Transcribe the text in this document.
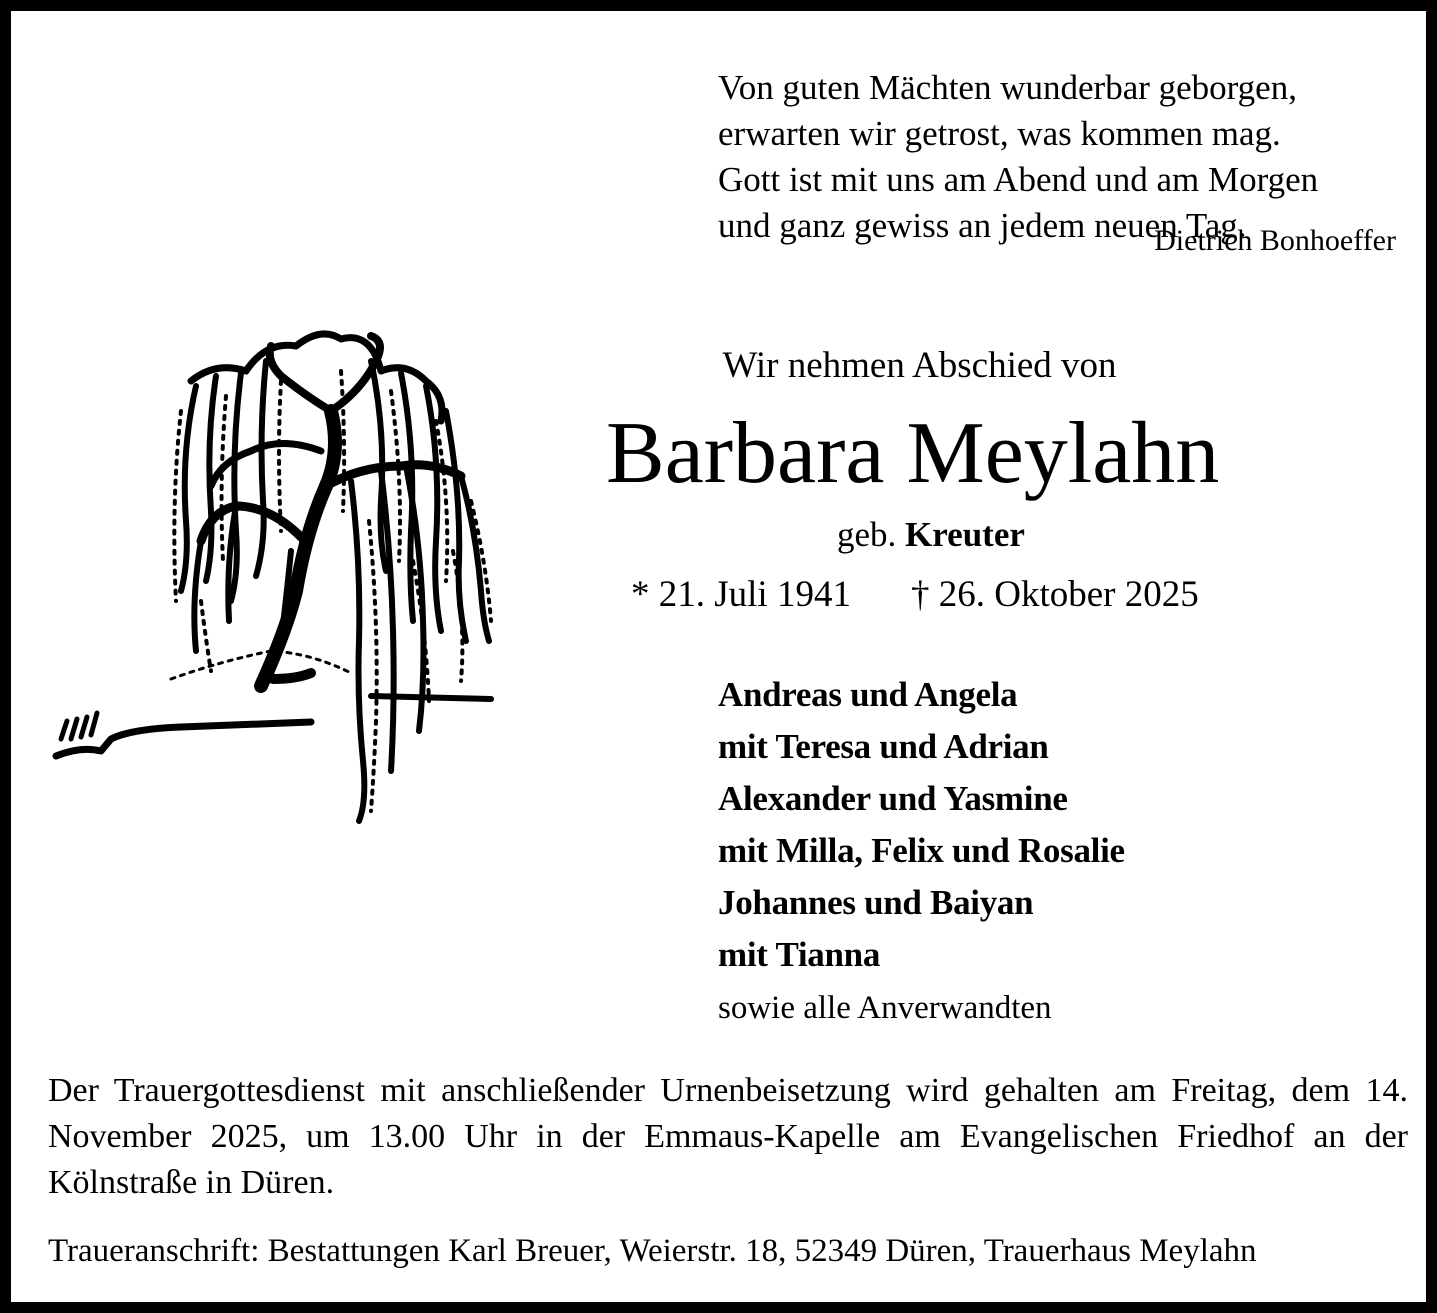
Von guten Mächten wunderbar geborgen,
erwarten wir getrost, was kommen mag.
Gott ist mit uns am Abend und am Morgen
und ganz gewiss an jedem neuen Tag.
Dietrich Bonhoeffer
Wir nehmen Abschied von
Barbara Meylahn
geb. Kreuter
* 21. Juli 1941 † 26. Oktober 2025
Andreas und Angela
mit Teresa und Adrian
Alexander und Yasmine
mit Milla, Felix und Rosalie
Johannes und Baiyan
mit Tianna
sowie alle Anverwandten
Der Trauergottesdienst mit anschließender Urnenbeisetzung wird gehalten am Freitag, dem 14. November 2025, um 13.00 Uhr in der Emmaus-Kapelle am Evangelischen Friedhof an der Kölnstraße in Düren.
Traueranschrift: Bestattungen Karl Breuer, Weierstr. 18, 52349 Düren, Trauerhaus Meylahn
